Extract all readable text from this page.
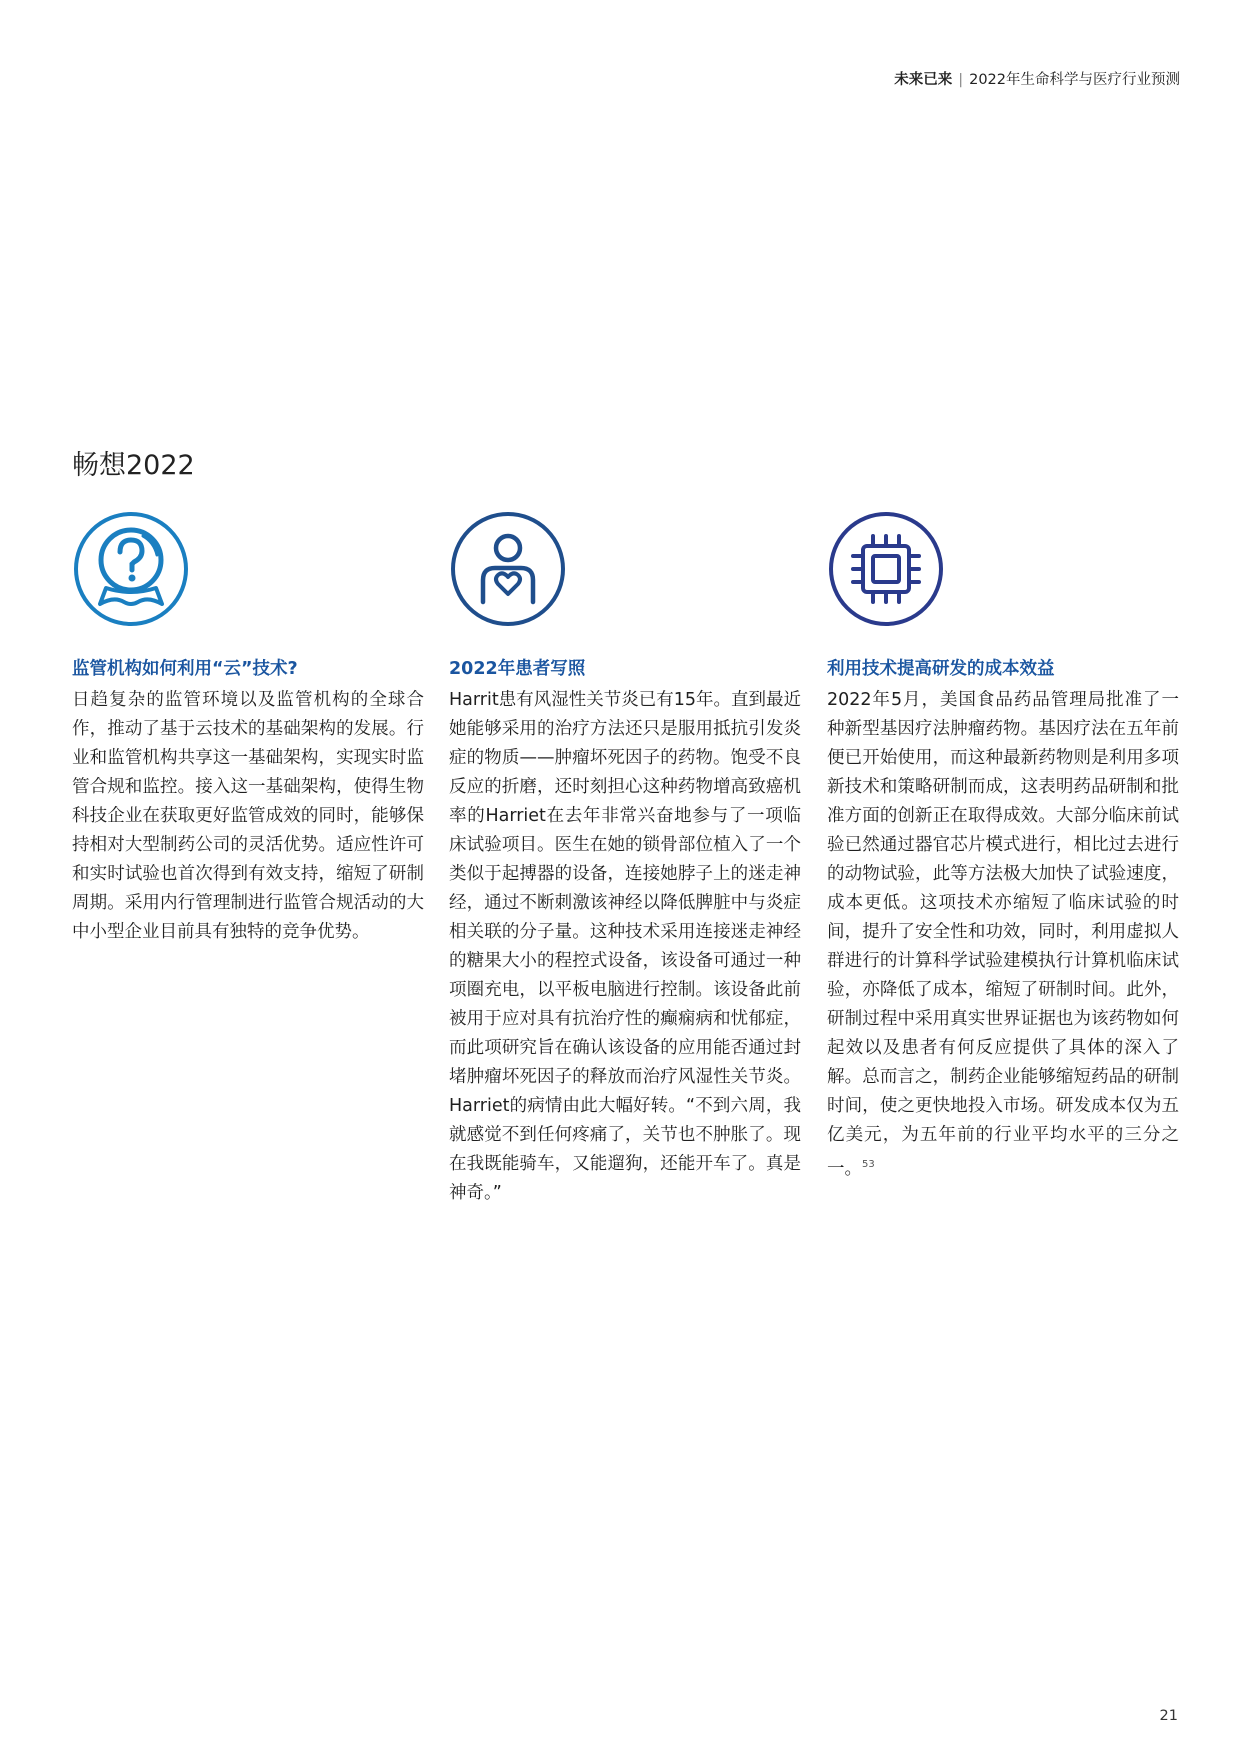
未来已来 | 2022年生命科学与医疗行业预测
畅想2022
监管机构如何利用“云”技术?

日趋复杂的监管环境以及监管机构的全球合作，推动了基于云技术的基础架构的发展。行业和监管机构共享这一基础架构，实现实时监管合规和监控。接入这一基础架构，使得生物科技企业在获取更好监管成效的同时，能够保持相对大型制药公司的灵活优势。适应性许可和实时试验也首次得到有效支持，缩短了研制周期。采用内行管理制进行监管合规活动的大中小型企业目前具有独特的竞争优势。

2022年患者写照

Harrit患有风湿性关节炎已有15年。直到最近她能够采用的治疗方法还只是服用抵抗引发炎症的物质——肿瘤坏死因子的药物。饱受不良反应的折磨，还时刻担心这种药物增高致癌机率的Harriet在去年非常兴奋地参与了一项临床试验项目。医生在她的锁骨部位植入了一个类似于起搏器的设备，连接她脖子上的迷走神经，通过不断刺激该神经以降低脾脏中与炎症相关联的分子量。这种技术采用连接迷走神经的糖果大小的程控式设备，该设备可通过一种项圈充电，以平板电脑进行控制。该设备此前被用于应对具有抗治疗性的癫痫病和忧郁症，而此项研究旨在确认该设备的应用能否通过封堵肿瘤坏死因子的释放而治疗风湿性关节炎。Harriet的病情由此大幅好转。“不到六周，我就感觉不到任何疼痛了，关节也不肿胀了。现在我既能骑车，又能遛狗，还能开车了。真是神奇。”

利用技术提高研发的成本效益

2022年5月，美国食品药品管理局批准了一种新型基因疗法肿瘤药物。基因疗法在五年前便已开始使用，而这种最新药物则是利用多项新技术和策略研制而成，这表明药品研制和批准方面的创新正在取得成效。大部分临床前试验已然通过器官芯片模式进行，相比过去进行的动物试验，此等方法极大加快了试验速度，成本更低。这项技术亦缩短了临床试验的时间，提升了安全性和功效，同时，利用虚拟人群进行的计算科学试验建模执行计算机临床试验，亦降低了成本，缩短了研制时间。此外，研制过程中采用真实世界证据也为该药物如何起效以及患者有何反应提供了具体的深入了解。总而言之，制药企业能够缩短药品的研制时间，使之更快地投入市场。研发成本仅为五亿美元，为五年前的行业平均水平的三分之一。$^{53}$

21
